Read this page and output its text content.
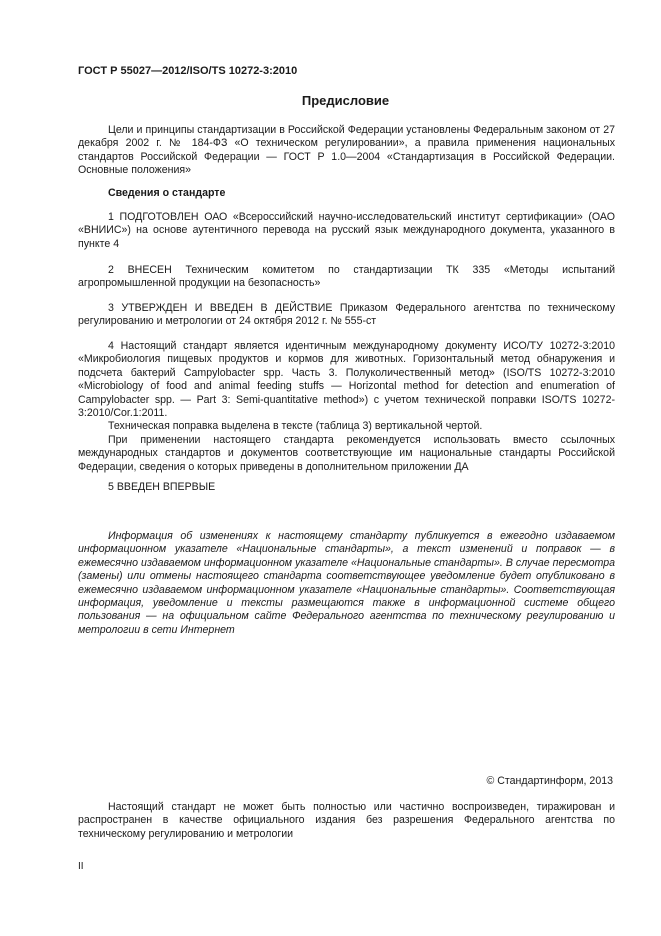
ГОСТ Р 55027—2012/ISO/TS 10272-3:2010
Предисловие

Цели и принципы стандартизации в Российской Федерации установлены Федеральным законом от 27 декабря 2002 г. № 184-ФЗ «О техническом регулировании», а правила применения национальных стандартов Российской Федерации — ГОСТ Р 1.0—2004 «Стандартизация в Российской Федерации. Основные положения»

Сведения о стандарте

1 ПОДГОТОВЛЕН ОАО «Всероссийский научно-исследовательский институт сертификации» (ОАО «ВНИИС») на основе аутентичного перевода на русский язык международного документа, указанного в пункте 4

2 ВНЕСЕН Техническим комитетом по стандартизации ТК 335 «Методы испытаний агропромышленной продукции на безопасность»

3 УТВЕРЖДЕН И ВВЕДЕН В ДЕЙСТВИЕ Приказом Федерального агентства по техническому регулированию и метрологии от 24 октября 2012 г. № 555-ст

4 Настоящий стандарт является идентичным международному документу ИСО/ТУ 10272-3:2010 «Микробиология пищевых продуктов и кормов для животных. Горизонтальный метод обнаружения и подсчета бактерий Campylobacter spp. Часть 3. Полуколичественный метод» (ISO/TS 10272-3:2010 «Microbiology of food and animal feeding stuffs — Horizontal method for detection and enumeration of Campylobacter spp. — Part 3: Semi-quantitative method») с учетом технической поправки ISO/TS 10272-3:2010/Cor.1:2011.

Техническая поправка выделена в тексте (таблица 3) вертикальной чертой.

При применении настоящего стандарта рекомендуется использовать вместо ссылочных международных стандартов и документов соответствующие им национальные стандарты Российской Федерации, сведения о которых приведены в дополнительном приложении ДА

5 ВВЕДЕН ВПЕРВЫЕ

Информация об изменениях к настоящему стандарту публикуется в ежегодно издаваемом информационном указателе «Национальные стандарты», а текст изменений и поправок — в ежемесячно издаваемом информационном указателе «Национальные стандарты». В случае пересмотра (замены) или отмены настоящего стандарта соответствующее уведомление будет опубликовано в ежемесячно издаваемом информационном указателе «Национальные стандарты». Соответствующая информация, уведомление и тексты размещаются также в информационной системе общего пользования — на официальном сайте Федерального агентства по техническому регулированию и метрологии в сети Интернет

© Стандартинформ, 2013

Настоящий стандарт не может быть полностью или частично воспроизведен, тиражирован и распространен в качестве официального издания без разрешения Федерального агентства по техническому регулированию и метрологии

II
